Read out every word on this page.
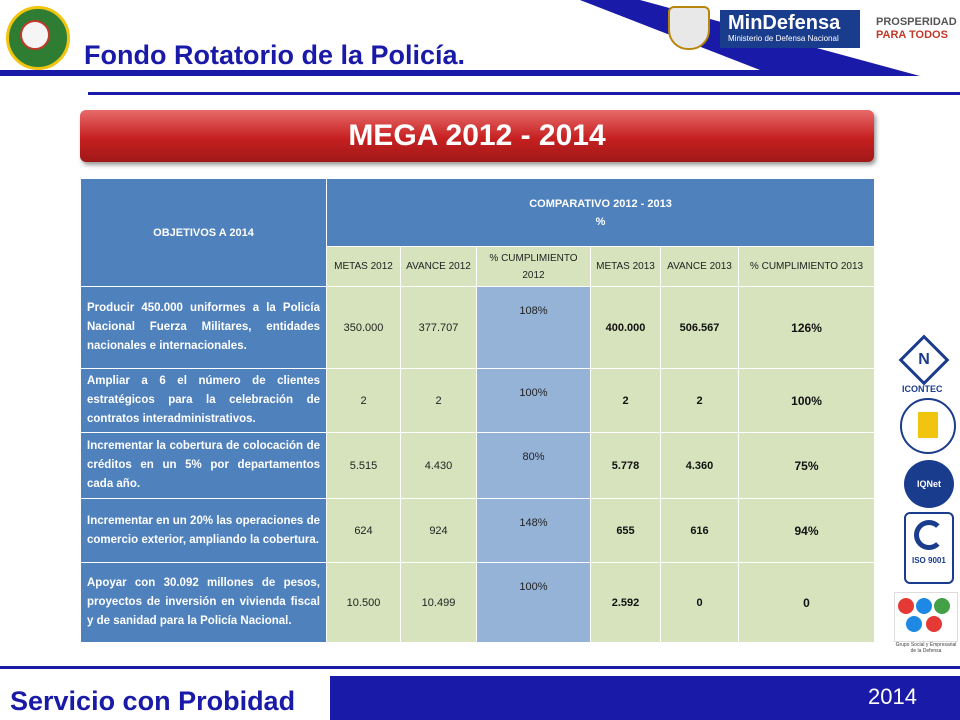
Fondo Rotatorio de la Policía.
MinDefensa
Ministerio de Defensa Nacional
PROSPERIDAD
PARA TODOS
MEGA 2012 - 2014
OBJETIVOS A 2014	COMPARATIVO 2012 - 2013
%					

	METAS 2012	AVANCE 2012	% CUMPLIMIENTO 2012	METAS 2013	AVANCE 2013	% CUMPLIMIENTO 2013
Producir 450.000 uniformes a la Policía Nacional Fuerza Militares, entidades nacionales e internacionales.	350.000	377.707	108%	400.000	506.567	126%
Ampliar a 6 el número de clientes estratégicos para la celebración de contratos interadministrativos.	2	2	100%	2	2	100%
Incrementar la cobertura de colocación de créditos en un 5% por departamentos cada año.	5.515	4.430	80%	5.778	4.360	75%
Incrementar en un 20% las operaciones de comercio exterior, ampliando la cobertura.	624	924	148%	655	616	94%
Apoyar con 30.092 millones de pesos, proyectos de inversión en vivienda fiscal y de sanidad para la Policía Nacional.	10.500	10.499	100%	2.592	0	0
N
ICONTEC
IQNet
ISO 9001
Grupo Social y Empresarial de la Defensa
Servicio con Probidad	2014
